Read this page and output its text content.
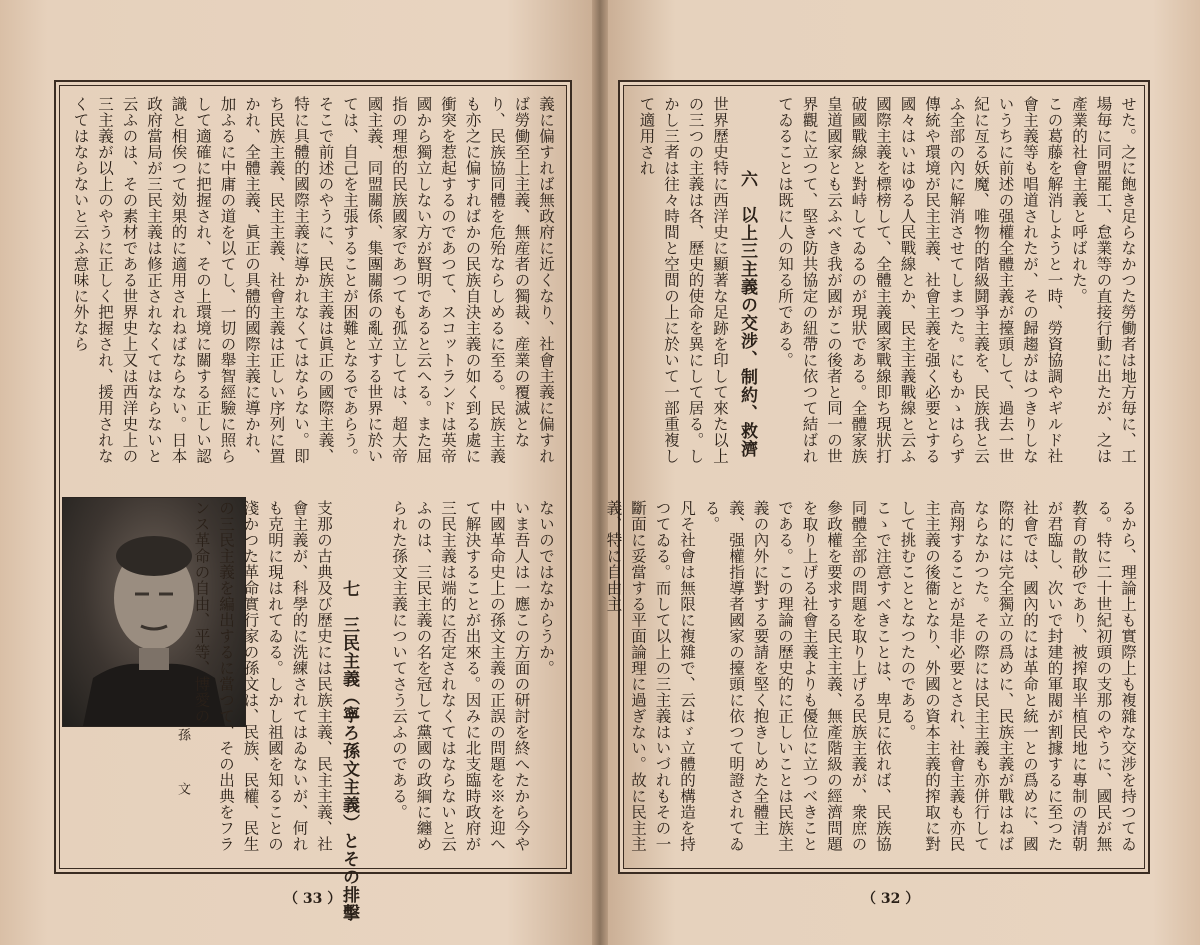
義に偏すれば無政府に近くなり、社會主義に偏すれば勞働至上主義、無産者の獨裁、産業の覆滅となり、民族協同體を危殆ならしめるに至る。民族主義も亦之に偏すればかの民族自決主義の如く到る處に衝突を惹起するのであつて、スコットランドは英帝國から獨立しない方が賢明であると云へる。また屈指の理想的民族國家であつても孤立しては、超大帝國主義、同盟關係、集團關係の亂立する世界に於いては、自己を主張することが困難となるであらう。
そこで前述のやうに、民族主義は眞正の國際主義、特に具體的國際主義に導かれなくてはならない。即ち民族主義、民主主義、社會主義は正しい序列に置かれ、全體主義、眞正の具體的國際主義に導かれ、加ふるに中庸の道を以てし、一切の舉智經驗に照らして適確に把握され、その上環境に關する正しい認識と相俟つて効果的に適用されねばならない。日本政府當局が三民主義は修正されなくてはならないと云ふのは、その素材である世界史上又は西洋史上の三主義が以上のやうに正しく把握され、援用されなくてはならないと云ふ意味に外なら
孫　文
ないのではなからうか。
いま吾人は一應この方面の研討を終へたから今や中國革命史上の孫文主義の正誤の問題を※を迎へて解決することが出來る。因みに北支臨時政府が三民主義は端的に否定されなくてはならないと云ふのは、三民主義の名を冠して黨國の政綱に纏められた孫文主義についてさう云ふのである。
七　三民主義（寧ろ孫文主義）とその排擊
支那の古典及び歷史には民族主義、民主主義、社會主義が、科學的に洗練されてはゐないが、何れも克明に現はれてゐる。しかし祖國を知ることの淺かつた革命實行家の孫文は、民族、民權、民生の三民主義を編出するに當つて、その出典をフランス革命の自由、平等、博愛の
（ 33 ）
せた。之に飽き足らなかつた勞働者は地方毎に、工場毎に同盟罷工、怠業等の直接行動に出たが、之は產業的社會主義と呼ばれた。
この葛藤を解消しようと一時、勞資協調やギルド社會主義等も唱道されたが、その歸趨がはつきりしないうちに前述の强權全體主義が擡頭して、過去一世紀に亙る妖魔、唯物的階級鬪爭主義を、民族我と云ふ全部の內に解消させてしまつた。にもかゝはらず傳統や環境が民主主義、社會主義を强く必要とする國々はいはゆる人民戰線とか、民主主義戰線と云ふ國際主義を標榜して、全體主義國家戰線即ち現狀打破國戰線と對峙してゐるのが現狀である。全體家族皇道國家とも云ふべき我が國がこの後者と同一の世界觀に立つて、堅き防共協定の紐帶に依つて結ばれてゐることは既に人の知る所である。
六　以上三主義の交涉、制約、救濟
世界歷史特に西洋史に顯著な足跡を印して來た以上の三つの主義は各、歷史的使命を異にして居る。しかし三者は往々時間と空間の上に於いて一部重複して適用され
るから、理論上も實際上も複雜な交涉を持つてゐる。特に二十世紀初頭の支那のやうに、國民が無教育の散砂であり、被搾取半植民地に專制の清朝が君臨し、次いで封建的軍閥が割據するに至つた社會では、國內的には革命と統一との爲めに、國際的には完全獨立の爲めに、民族主義が戰はねばならなかつた。その際には民主主義も亦併行して高翔することが是非必要とされ、社會主義も亦民主主義の後衞となり、外國の資本主義的搾取に對して挑むこととなつたのである。
こゝで注意すべきことは、卑見に依れば、民族協同體全部の問題を取り上げる民族主義が、衆庶の參政權を要求する民主主義、無產階級の經濟問題を取り上げる社會主義よりも優位に立つべきことである。この理論の歷史的に正しいことは民族主義の內外に對する要請を堅く抱きしめた全體主義、强權指導者國家の擡頭に依つて明證されてゐる。
凡そ社會は無限に複雜で、云はゞ立體的構造を持つてゐる。而して以上の三主義はいづれもその一斷面に妥當する平面論理に過ぎない。故に民主主義、特に自由主
（ 32 ）
